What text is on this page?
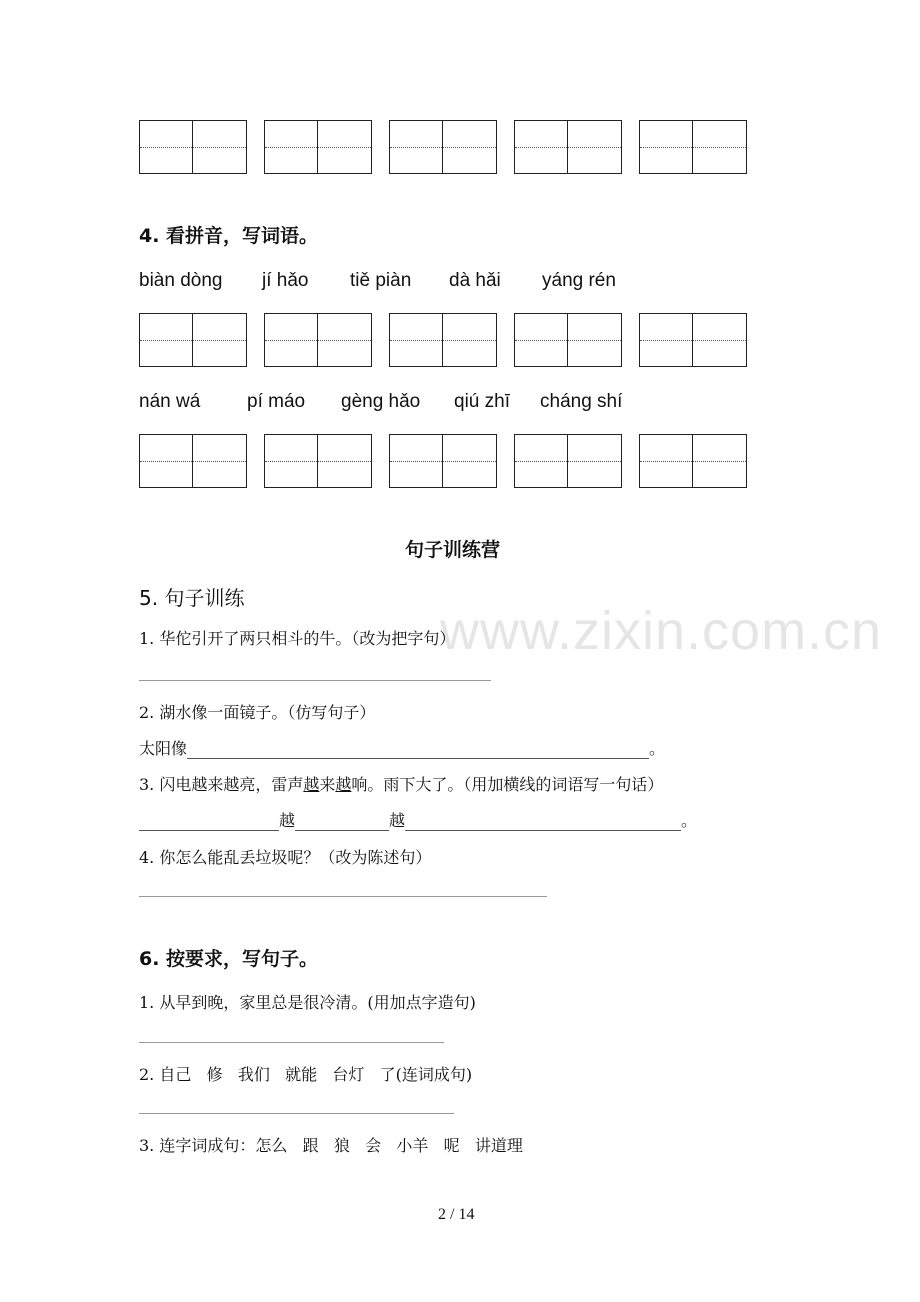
www.zixin.com.cn
4. 看拼音，写词语。
biàn dòng jí hǎo tiě piàn dà hǎi yáng rén
nán wá pí máo gèng hǎo qiú zhī cháng shí
句子训练营
5. 句子训练
1. 华佗引开了两只相斗的牛。（改为把字句）
2. 湖水像一面镜子。（仿写句子）
太阳像	。
3. 闪电越来越亮，雷声越来越响。雨下大了。（用加横线的词语写一句话）
越	越	。
4. 你怎么能乱丢垃圾呢？（改为陈述句）
6. 按要求，写句子。
1. 从早到晚，家里总是很冷清。(用加点字造句)
2. 自己   修   我们   就能   台灯   了(连词成句)
3. 连字词成句：怎么   跟   狼   会   小羊   呢   讲道理
2 / 14
